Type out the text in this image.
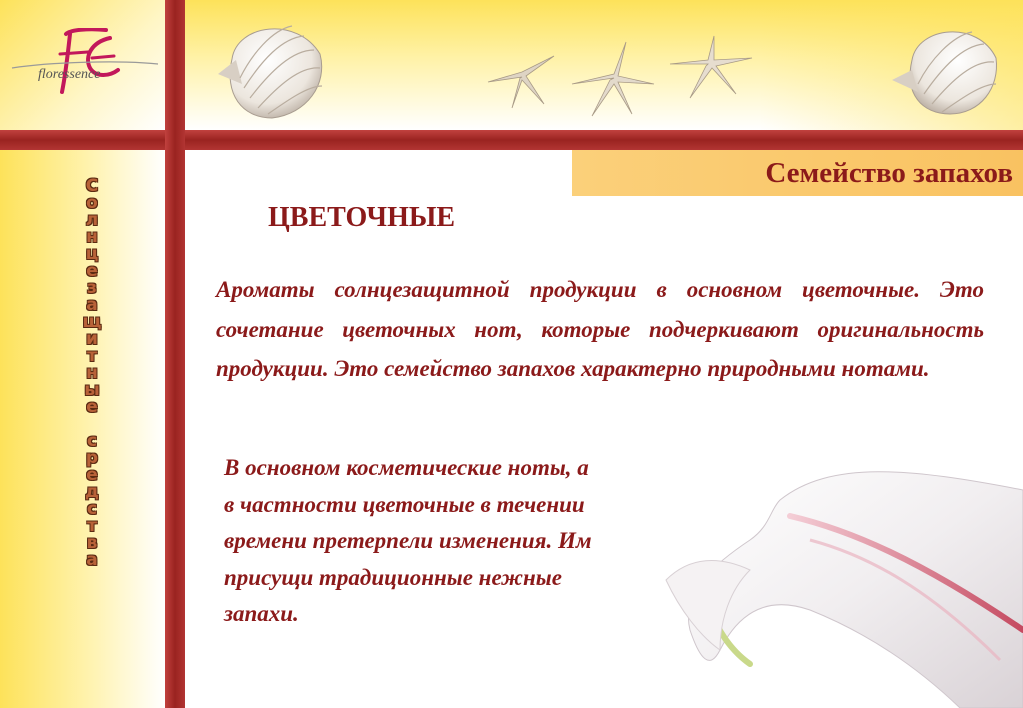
floressence
Семейство запахов
С
о
л
н
ц
е
з
а
щ
и
т
н
ы
е
с
р
е
д
с
т
в
а
ЦВЕТОЧНЫЕ

Ароматы солнцезащитной продукции в основном цветочные. Это сочетание цветочных нот, которые подчеркивают оригинальность продукции. Это семейство запахов характерно природными нотами.

В основном косметические ноты, а в частности цветочные в течении времени претерпели изменения. Им присущи традиционные нежные запахи.
